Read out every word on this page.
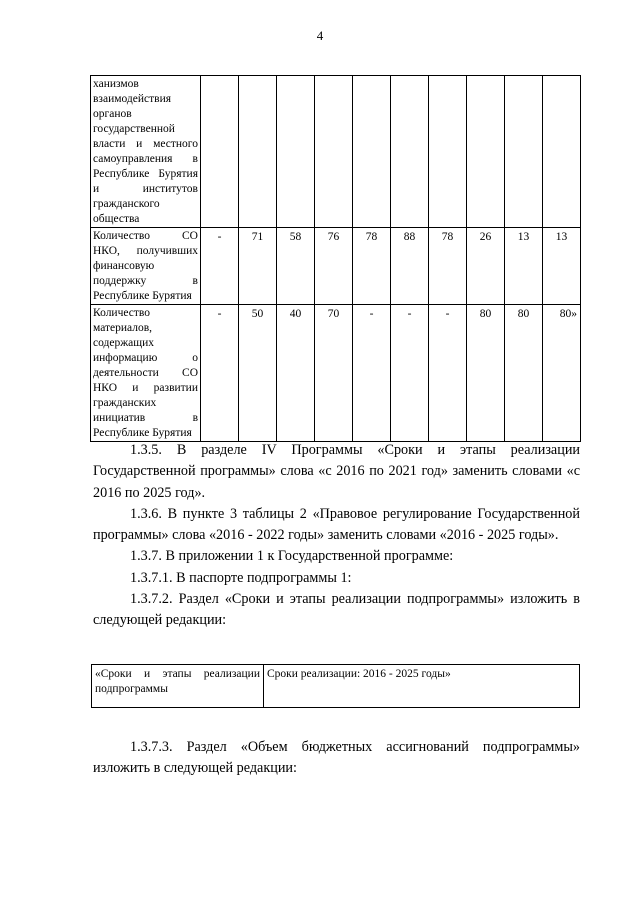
4
ханизмов взаимодействия органов государственной власти и местного самоуправления в Республике Бурятия и институтов гражданского общества										
Количество СО НКО, получивших финансовую поддержку в Республике Бурятия	-	71	58	76	78	88	78	26	13	13
Количество материалов, содержащих информацию о деятельности СО НКО и развитии гражданских инициатив в Республике Бурятия	-	50	40	70	-	-	-	80	80	80»

1.3.5. В разделе IV Программы «Сроки и этапы реализации Государственной программы» слова «с 2016 по 2021 год» заменить словами «с 2016 по 2025 год».

1.3.6. В пункте 3 таблицы 2 «Правовое регулирование Государственной программы» слова «2016 - 2022 годы» заменить словами «2016 - 2025 годы».

1.3.7. В приложении 1 к Государственной программе:

1.3.7.1. В паспорте подпрограммы 1:

1.3.7.2. Раздел «Сроки и этапы реализации подпрограммы» изложить в следующей редакции:

«Сроки и этапы реализации подпрограммы	Сроки реализации: 2016 - 2025 годы»

1.3.7.3. Раздел «Объем бюджетных ассигнований подпрограммы» изложить в следующей редакции:
